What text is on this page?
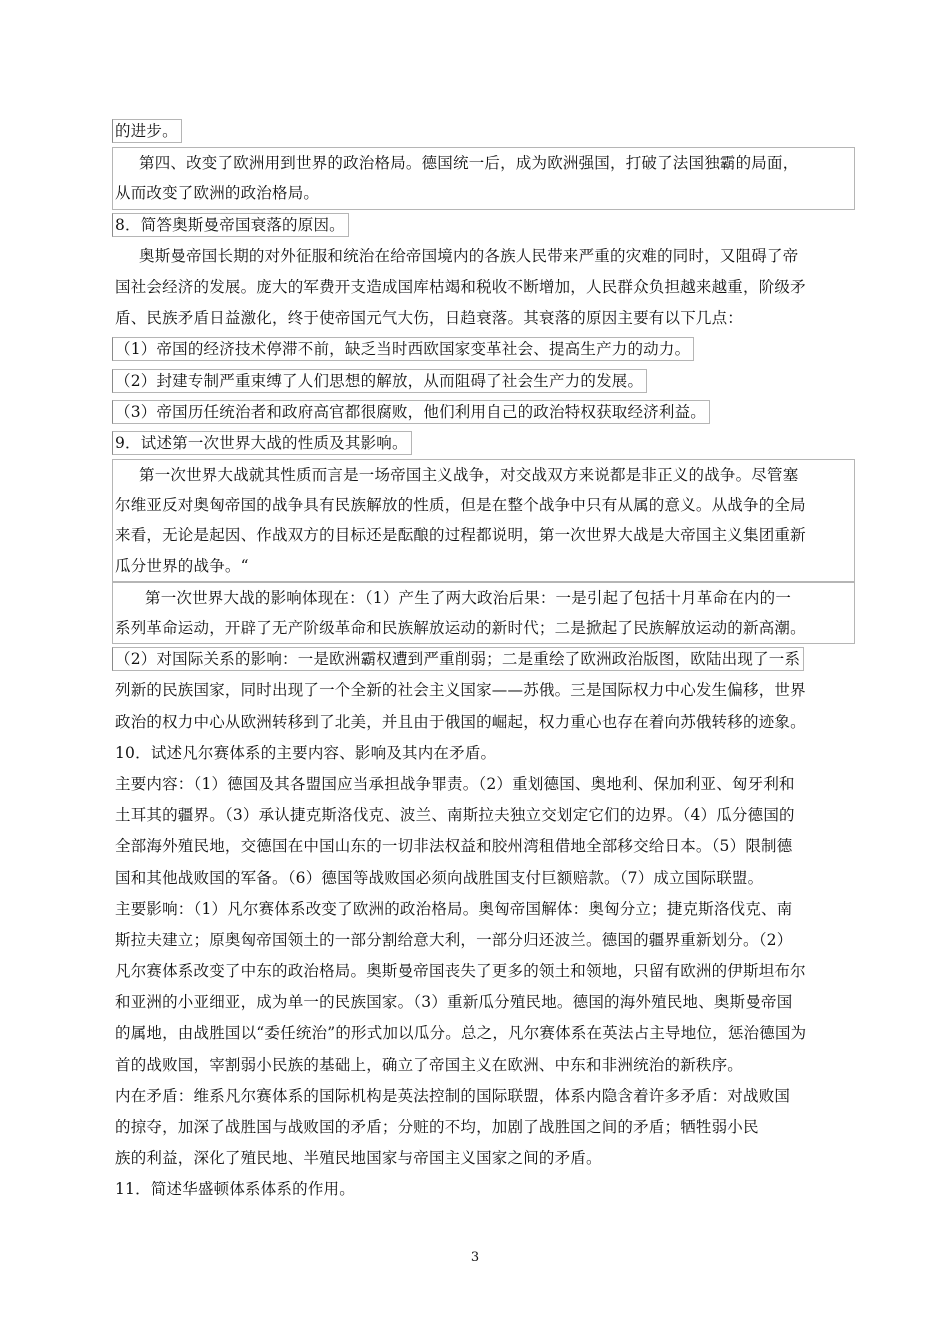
的进步。
第四、改变了欧洲用到世界的政治格局。德国统一后，成为欧洲强国，打破了法国独霸的局面，
从而改变了欧洲的政治格局。
8．简答奥斯曼帝国衰落的原因。
奥斯曼帝国长期的对外征服和统治在给帝国境内的各族人民带来严重的灾难的同时，又阻碍了帝
国社会经济的发展。庞大的军费开支造成国库枯竭和税收不断增加，人民群众负担越来越重，阶级矛
盾、民族矛盾日益激化，终于使帝国元气大伤，日趋衰落。其衰落的原因主要有以下几点：
（1）帝国的经济技术停滞不前，缺乏当时西欧国家变革社会、提高生产力的动力。
（2）封建专制严重束缚了人们思想的解放，从而阻碍了社会生产力的发展。
（3）帝国历任统治者和政府高官都很腐败，他们利用自己的政治特权获取经济利益。
9．试述第一次世界大战的性质及其影响。
第一次世界大战就其性质而言是一场帝国主义战争，对交战双方来说都是非正义的战争。尽管塞
尔维亚反对奥匈帝国的战争具有民族解放的性质，但是在整个战争中只有从属的意义。从战争的全局
来看，无论是起因、作战双方的目标还是酝酿的过程都说明，第一次世界大战是大帝国主义集团重新
瓜分世界的战争。“
第一次世界大战的影响体现在：（1）产生了两大政治后果：一是引起了包括十月革命在内的一
系列革命运动，开辟了无产阶级革命和民族解放运动的新时代；二是掀起了民族解放运动的新高潮。
（2）对国际关系的影响：一是欧洲霸权遭到严重削弱；二是重绘了欧洲政治版图，欧陆出现了一系
列新的民族国家，同时出现了一个全新的社会主义国家——苏俄。三是国际权力中心发生偏移，世界
政治的权力中心从欧洲转移到了北美，并且由于俄国的崛起，权力重心也存在着向苏俄转移的迹象。
10．试述凡尔赛体系的主要内容、影响及其内在矛盾。
主要内容：（1）德国及其各盟国应当承担战争罪责。（2）重划德国、奥地利、保加利亚、匈牙利和
土耳其的疆界。（3）承认捷克斯洛伐克、波兰、南斯拉夫独立交划定它们的边界。（4）瓜分德国的
全部海外殖民地，交德国在中国山东的一切非法权益和胶州湾租借地全部移交给日本。（5）限制德
国和其他战败国的军备。（6）德国等战败国必须向战胜国支付巨额赔款。（7）成立国际联盟。
主要影响：（1）凡尔赛体系改变了欧洲的政治格局。奥匈帝国解体：奥匈分立；捷克斯洛伐克、南
斯拉夫建立；原奥匈帝国领土的一部分割给意大利，一部分归还波兰。德国的疆界重新划分。（2）
凡尔赛体系改变了中东的政治格局。奥斯曼帝国丧失了更多的领土和领地，只留有欧洲的伊斯坦布尔
和亚洲的小亚细亚，成为单一的民族国家。（3）重新瓜分殖民地。德国的海外殖民地、奥斯曼帝国
的属地，由战胜国以“委任统治”的形式加以瓜分。总之，凡尔赛体系在英法占主导地位，惩治德国为
首的战败国，宰割弱小民族的基础上，确立了帝国主义在欧洲、中东和非洲统治的新秩序。
内在矛盾：维系凡尔赛体系的国际机构是英法控制的国际联盟，体系内隐含着许多矛盾：对战败国
的掠夺，加深了战胜国与战败国的矛盾；分赃的不均，加剧了战胜国之间的矛盾；牺牲弱小民
族的利益，深化了殖民地、半殖民地国家与帝国主义国家之间的矛盾。
11．简述华盛顿体系体系的作用。
3
